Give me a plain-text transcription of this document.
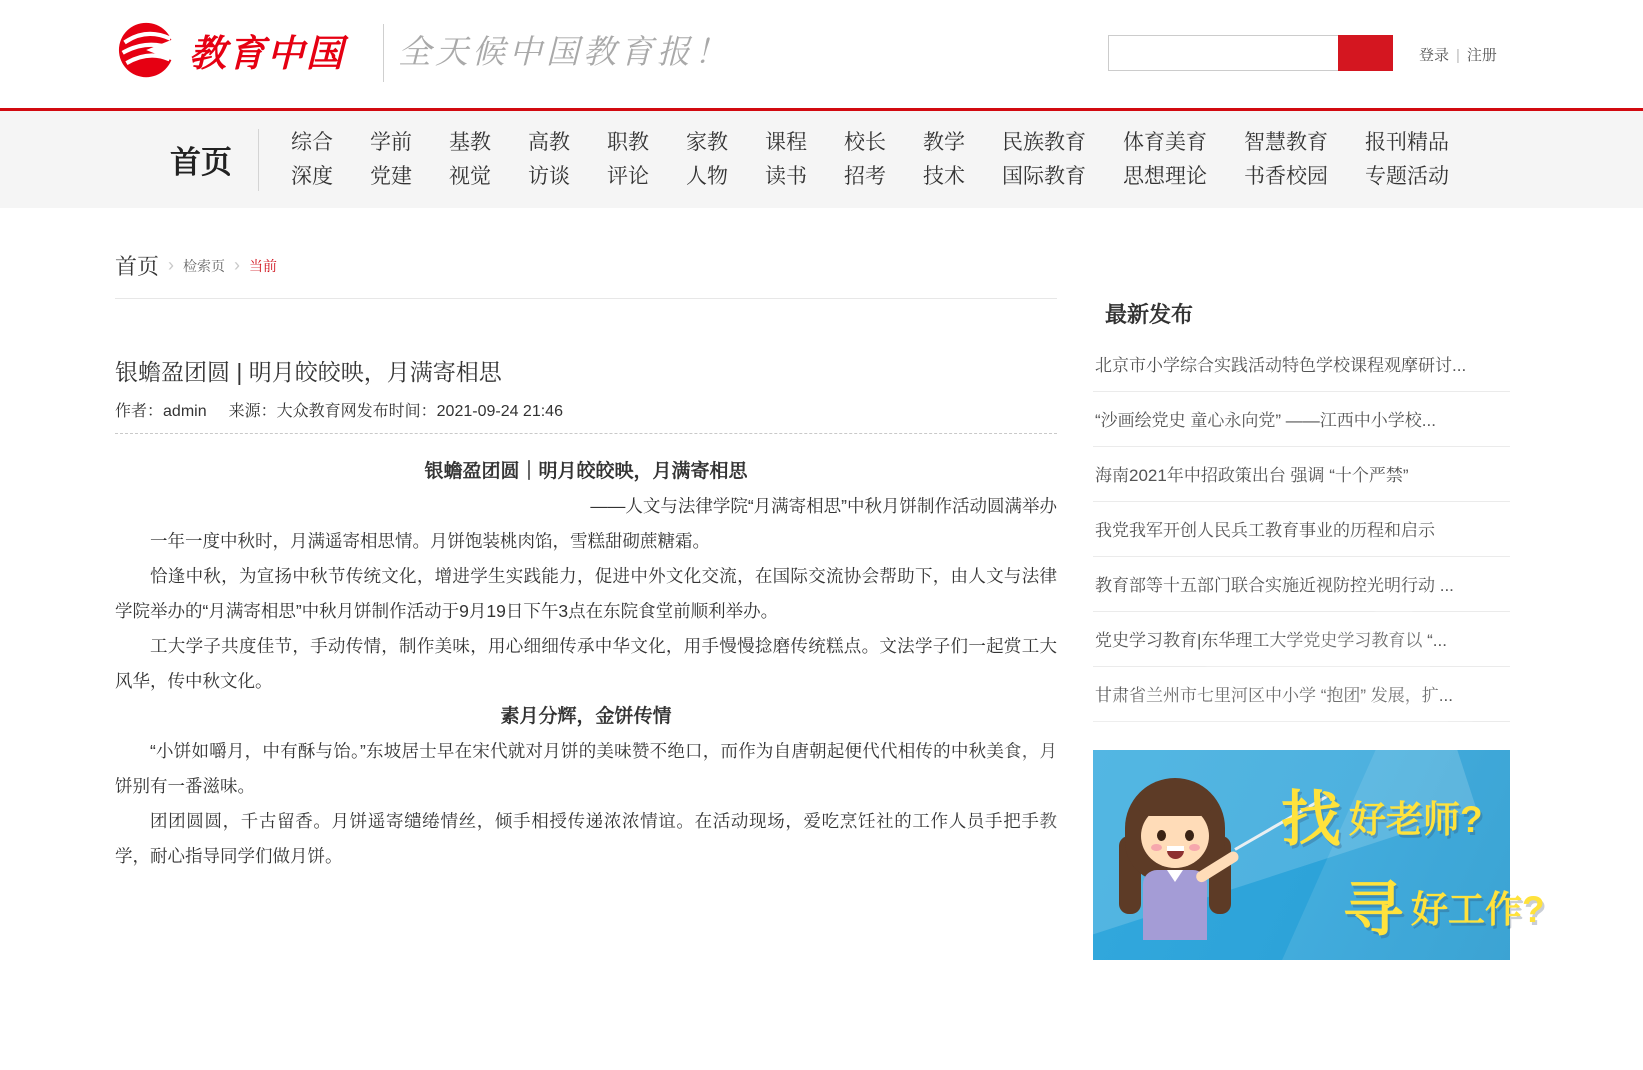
教育中国 全天候中国教育报！	登录 | 注册
首页
综合
深度
学前
党建
基教
视觉
高教
访谈
职教
评论
家教
人物
课程
读书
校长
招考
教学
技术
民族教育
国际教育
体育美育
思想理论
智慧教育
书香校园
报刊精品
专题活动
首页 › 检索页 › 当前
银蟾盈团圆 | 明月皎皎映，月满寄相思
作者：admin 来源：大众教育网发布时间：2021-09-24 21:46

银蟾盈团圆｜明月皎皎映，月满寄相思

——人文与法律学院“月满寄相思”中秋月饼制作活动圆满举办

一年一度中秋时，月满遥寄相思情。月饼饱装桃肉馅，雪糕甜砌蔗糖霜。

恰逢中秋，为宣扬中秋节传统文化，增进学生实践能力，促进中外文化交流，在国际交流协会帮助下，由人文与法律学院举办的“月满寄相思”中秋月饼制作活动于9月19日下午3点在东院食堂前顺利举办。

工大学子共度佳节，手动传情，制作美味，用心细细传承中华文化，用手慢慢捻磨传统糕点。文法学子们一起赏工大风华，传中秋文化。

素月分辉，金饼传情

“小饼如嚼月，中有酥与饴。”东坡居士早在宋代就对月饼的美味赞不绝口，而作为自唐朝起便代代相传的中秋美食，月饼别有一番滋味。

团团圆圆，千古留香。月饼遥寄缱绻情丝，倾手相授传递浓浓情谊。在活动现场，爱吃烹饪社的工作人员手把手教学，耐心指导同学们做月饼。

最新发布
北京市小学综合实践活动特色学校课程观摩研讨...
“沙画绘党史 童心永向党” ——江西中小学校...
海南2021年中招政策出台 强调 “十个严禁”
我党我军开创人民兵工教育事业的历程和启示
教育部等十五部门联合实施近视防控光明行动 ...
党史学习教育|东华理工大学党史学习教育以 “...
甘肃省兰州市七里河区中小学 “抱团” 发展，扩...
找好老师?
寻好工作?
